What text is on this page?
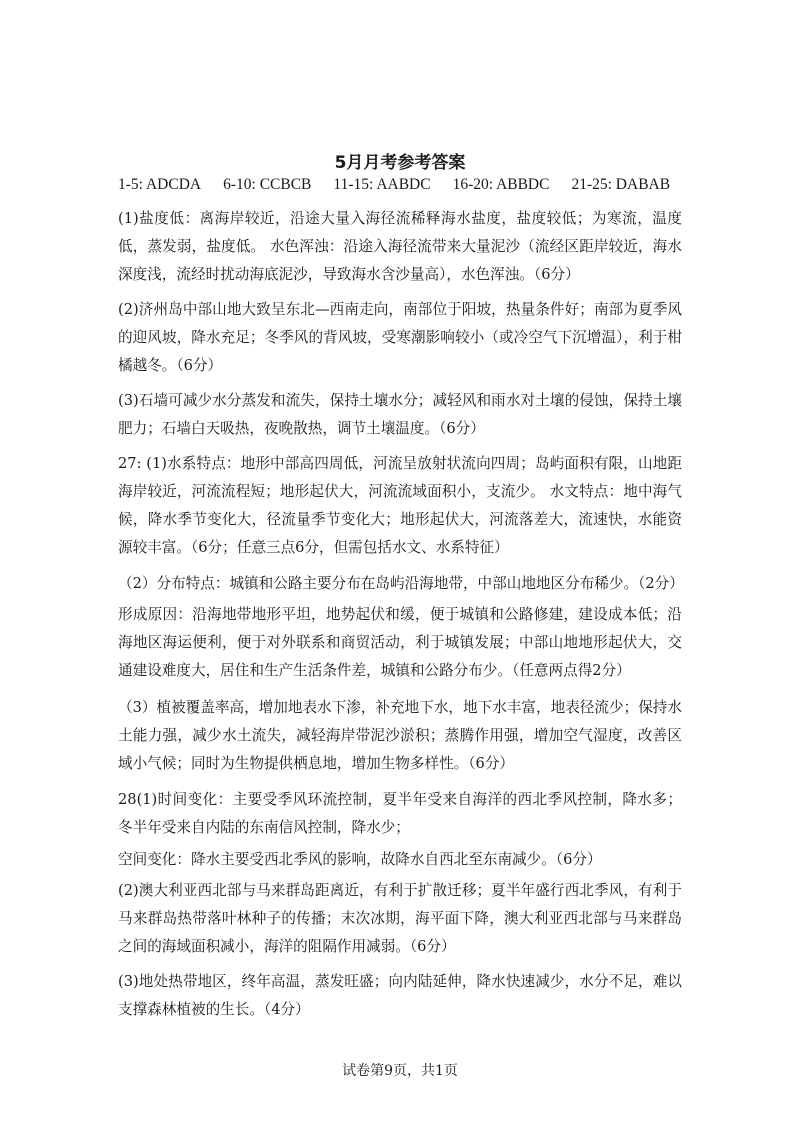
5月月考参考答案
1-5: ADCDA 6-10: CCBCB 11-15: AABDC 16-20: ABBDC 21-25: DABAB
(1)盐度低：离海岸较近，沿途大量入海径流稀释海水盐度，盐度较低；为寒流，温度低，蒸发弱，盐度低。 水色浑浊：沿途入海径流带来大量泥沙（流经区距岸较近，海水深度浅，流经时扰动海底泥沙，导致海水含沙量高），水色浑浊。（6分）
(2)济州岛中部山地大致呈东北—西南走向，南部位于阳坡，热量条件好；南部为夏季风的迎风坡，降水充足；冬季风的背风坡，受寒潮影响较小（或冷空气下沉增温），利于柑橘越冬。（6分）
(3)石墙可减少水分蒸发和流失，保持土壤水分；减轻风和雨水对土壤的侵蚀，保持土壤肥力；石墙白天吸热，夜晚散热，调节土壤温度。（6分）
27: (1)水系特点：地形中部高四周低，河流呈放射状流向四周；岛屿面积有限，山地距海岸较近，河流流程短；地形起伏大，河流流域面积小，支流少。 水文特点：地中海气候，降水季节变化大，径流量季节变化大；地形起伏大，河流落差大，流速快，水能资源较丰富。（6分；任意三点6分，但需包括水文、水系特征）
（2）分布特点：城镇和公路主要分布在岛屿沿海地带，中部山地地区分布稀少。（2分）
形成原因：沿海地带地形平坦，地势起伏和缓，便于城镇和公路修建，建设成本低；沿海地区海运便利，便于对外联系和商贸活动，利于城镇发展；中部山地地形起伏大，交通建设难度大，居住和生产生活条件差，城镇和公路分布少。（任意两点得2分）
（3）植被覆盖率高，增加地表水下渗，补充地下水，地下水丰富，地表径流少；保持水土能力强，减少水土流失，减轻海岸带泥沙淤积；蒸腾作用强，增加空气湿度，改善区域小气候；同时为生物提供栖息地，增加生物多样性。（6分）
28(1)时间变化：主要受季风环流控制，夏半年受来自海洋的西北季风控制，降水多；冬半年受来自内陆的东南信风控制，降水少；
空间变化：降水主要受西北季风的影响，故降水自西北至东南减少。（6分）
(2)澳大利亚西北部与马来群岛距离近，有利于扩散迁移；夏半年盛行西北季风，有利于马来群岛热带落叶林种子的传播；末次冰期，海平面下降，澳大利亚西北部与马来群岛之间的海域面积减小，海洋的阻隔作用减弱。（6分）
(3)地处热带地区，终年高温，蒸发旺盛；向内陆延伸，降水快速减少，水分不足，难以支撑森林植被的生长。（4分）
试卷第9页，共1页
